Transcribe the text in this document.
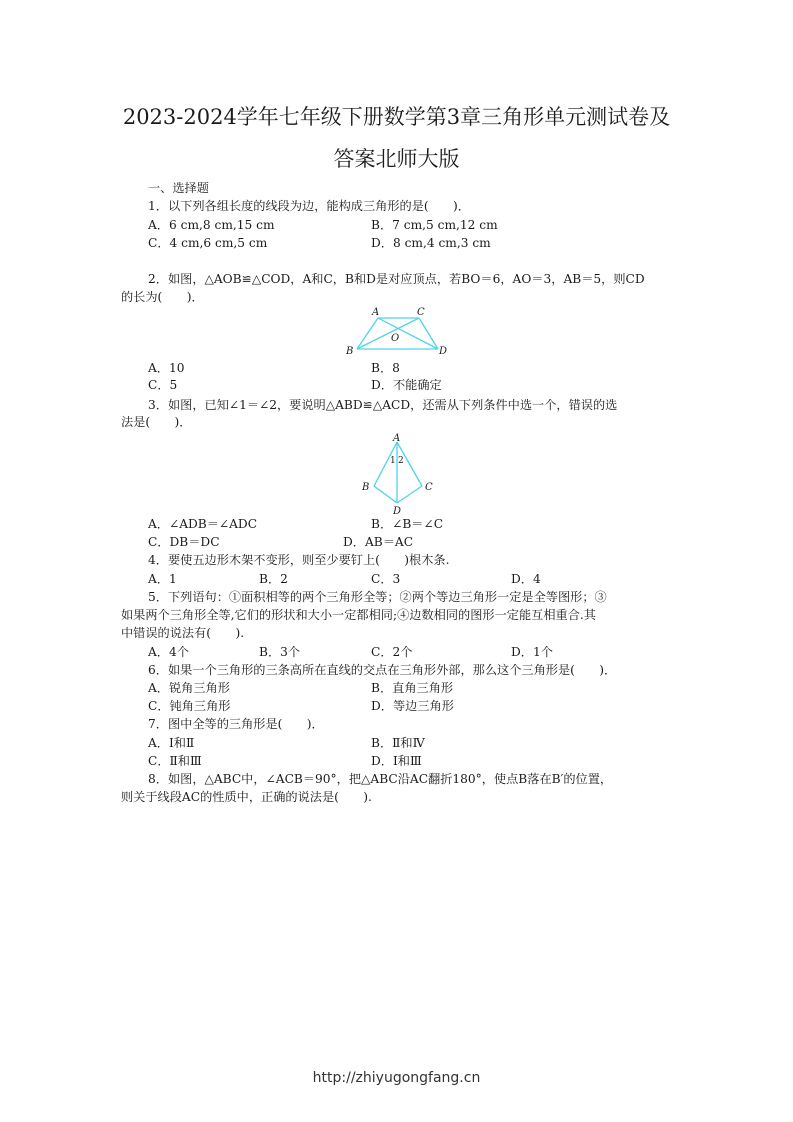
2023-2024学年七年级下册数学第3章三角形单元测试卷及
答案北师大版
一、选择题
1．以下列各组长度的线段为边，能构成三角形的是(　　)．
A．6 cm,8 cm,15 cm	B．7 cm,5 cm,12 cm
C．4 cm,6 cm,5 cm	D．8 cm,4 cm,3 cm
2．如图，△AOB≌△COD，A和C，B和D是对应顶点，若BO＝6，AO＝3，AB＝5，则CD
的长为(　　)．
A	C
O
B	D
A．10	B．8
C．5	D．不能确定
3．如图，已知∠1＝∠2，要说明△ABD≌△ACD，还需从下列条件中选一个，错误的选
法是(　　)．
A
1 2
B	C
D
A．∠ADB＝∠ADC	B．∠B＝∠C
C．DB＝DC	D．AB＝AC
4．要使五边形木架不变形，则至少要钉上(　　)根木条.
A．1	B．2	C．3	D．4
5．下列语句：①面积相等的两个三角形全等；②两个等边三角形一定是全等图形；③
如果两个三角形全等,它们的形状和大小一定都相同;④边数相同的图形一定能互相重合.其
中错误的说法有(　　).
A．4个	B．3个	C．2个	D．1个
6．如果一个三角形的三条高所在直线的交点在三角形外部，那么这个三角形是(　　)．
A．锐角三角形	B．直角三角形
C．钝角三角形	D．等边三角形
7．图中全等的三角形是(　　)．
A．Ⅰ和Ⅱ	B．Ⅱ和Ⅳ
C．Ⅱ和Ⅲ	D．Ⅰ和Ⅲ
8．如图，△ABC中，∠ACB＝90°，把△ABC沿AC翻折180°，使点B落在B′的位置，
则关于线段AC的性质中，正确的说法是(　　).
http://zhiyugongfang.cn
